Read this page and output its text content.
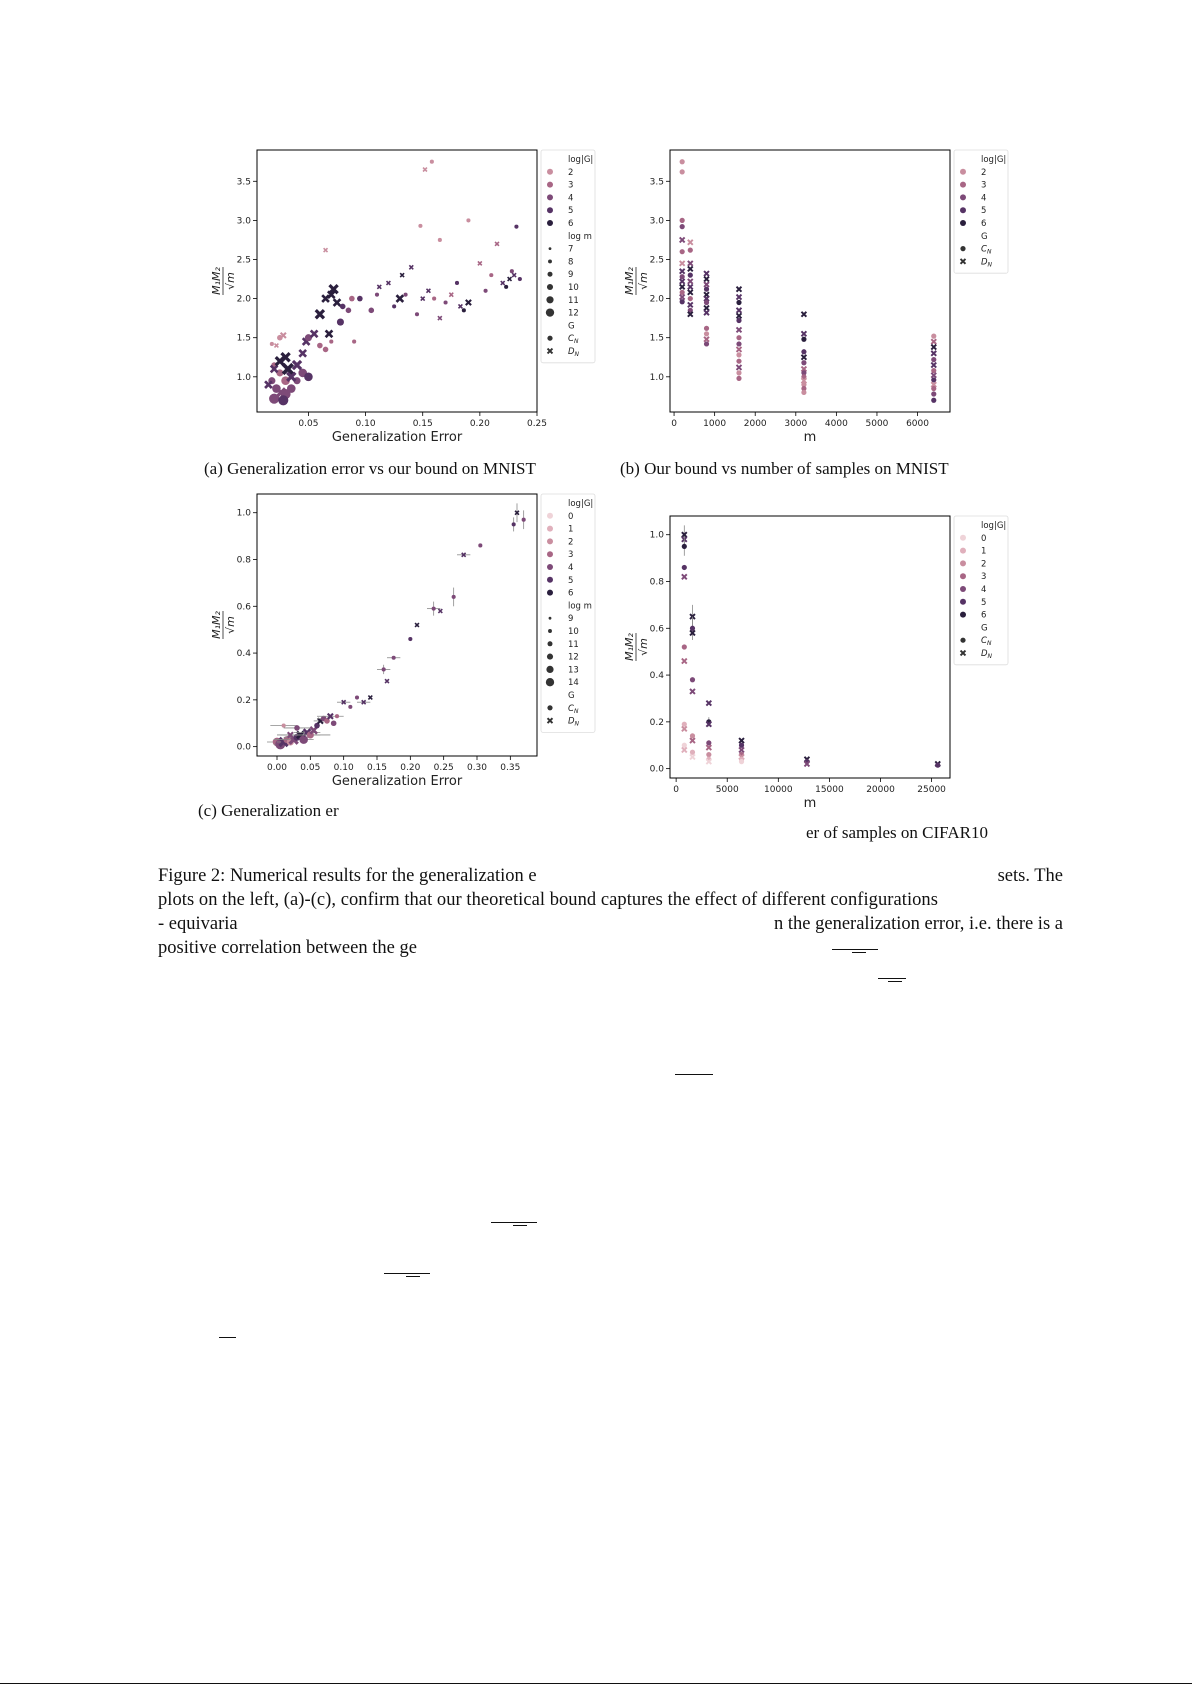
0.05	0.10	0.15	0.20	0.25
1.0
1.5
2.0
2.5
3.0
3.5
Generalization Error
M₁M₂ √m
log|G|
2
3
4
5
6
log m
7
8
9
10
11
12
G
$C_N$
$D_N$
0	1000 2000 3000 4000 5000 6000
1.0
1.5
2.0
2.5
3.0
3.5
m
M₁M₂ √m
log|G|
2
3
4
5
6
G
$C_N$
$D_N$
0.00 0.05 0.10 0.15 0.20 0.25 0.30 0.35
0.0
0.2
0.4
0.6
0.8
1.0
Generalization Error
M₁M₂ √m
log|G|
0
1
2
3
4
5
6
log m
9
10
11
12
13
14
G
$C_N$
$D_N$
0	5000	10000 15000 20000 25000
0.0
0.2
0.4
0.6
0.8
1.0
m
M₁M₂ √m
log|G|
0
1
2
3
4
5
6
G
$C_N$
$D_N$
(a) Generalization error vs our bound on MNIST	(b) Our bound vs number of samples on MNIST
(c) Generalization er
er of samples on CIFAR10
Figure 2: Numerical results for the generalization e	sets. The
plots on the left, (a)-(c), confirm that our theoretical bound captures the effect of different configurations
- equivaria	n the generalization error, i.e. there is a
positive correlation between the ge
